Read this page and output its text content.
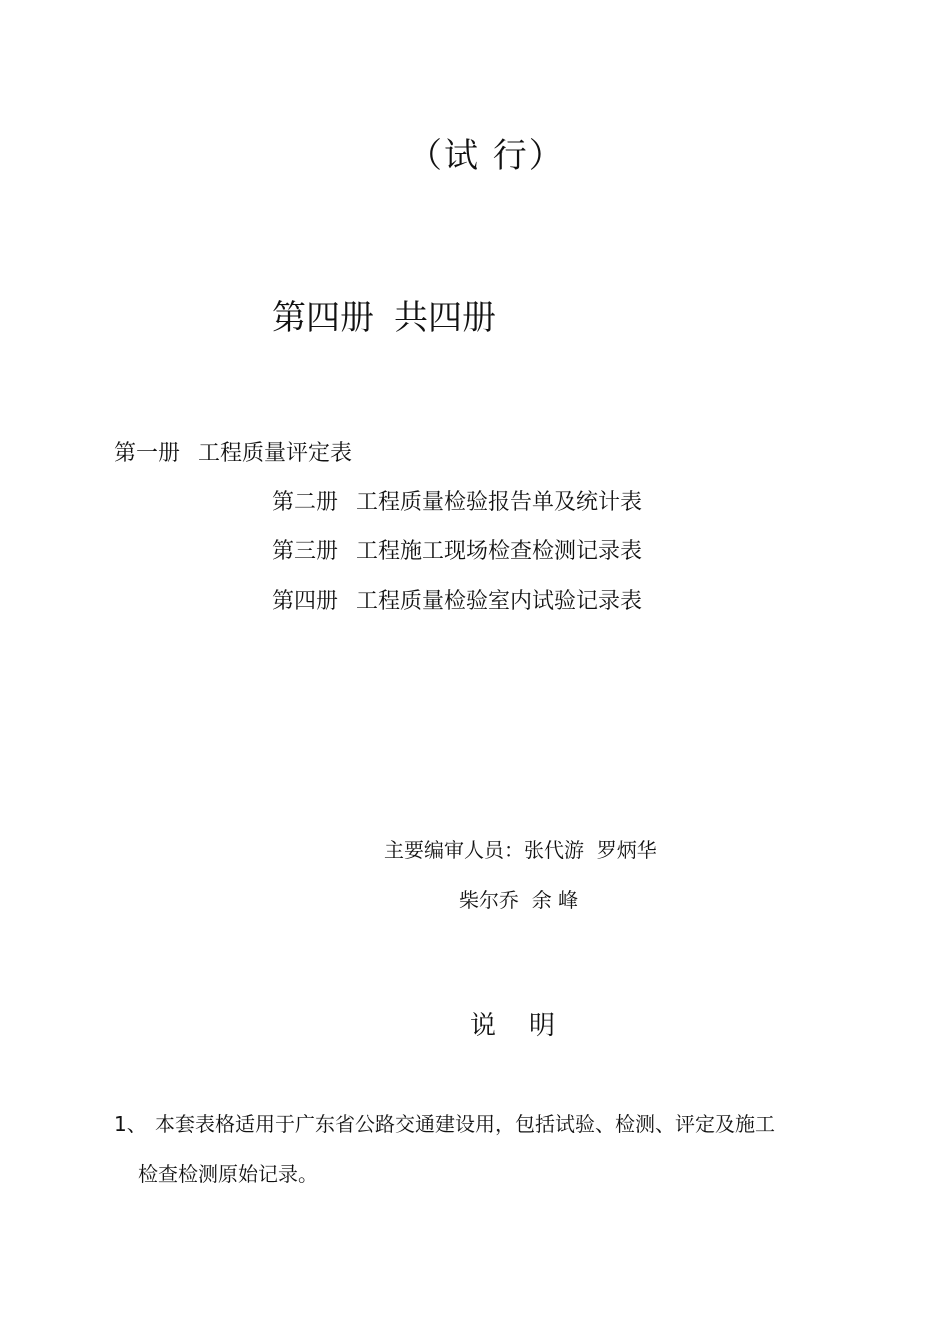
（试 行）
第四册 共四册
第一册 工程质量评定表
第二册 工程质量检验报告单及统计表
第三册 工程施工现场检查检测记录表
第四册 工程质量检验室内试验记录表
主要编审人员：张代游  罗炳华
柴尔乔  余 峰
说    明
1、 本套表格适用于广东省公路交通建设用，包括试验、检测、评定及施工
检查检测原始记录。
